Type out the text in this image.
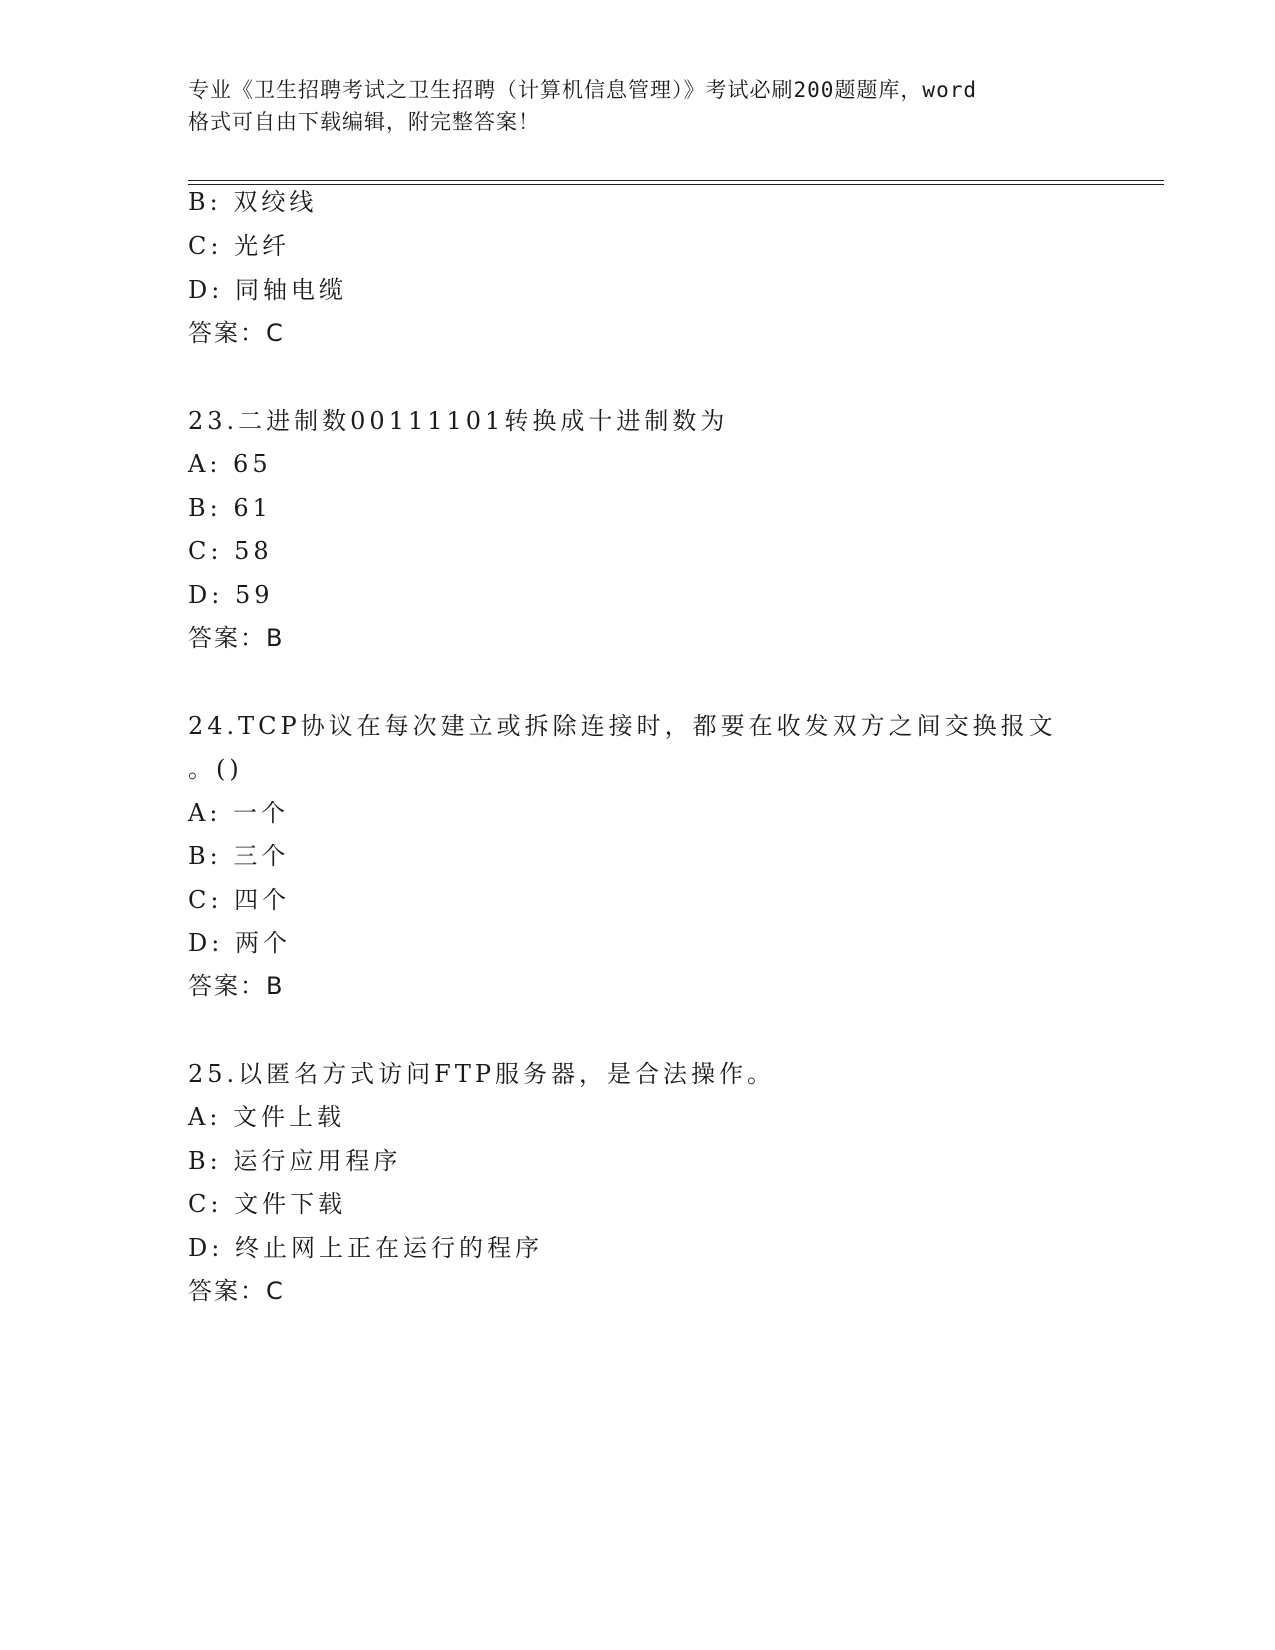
专业《卫生招聘考试之卫生招聘（计算机信息管理）》考试必刷200题题库，word
格式可自由下载编辑，附完整答案！
B: 双绞线
C: 光纤
D: 同轴电缆
答案：C
23.二进制数00111101转换成十进制数为
A: 65
B: 61
C: 58
D: 59
答案：B
24.TCP协议在每次建立或拆除连接时，都要在收发双方之间交换报文
。()
A: 一个
B: 三个
C: 四个
D: 两个
答案：B
25.以匿名方式访问FTP服务器，是合法操作。
A: 文件上载
B: 运行应用程序
C: 文件下载
D: 终止网上正在运行的程序
答案：C
